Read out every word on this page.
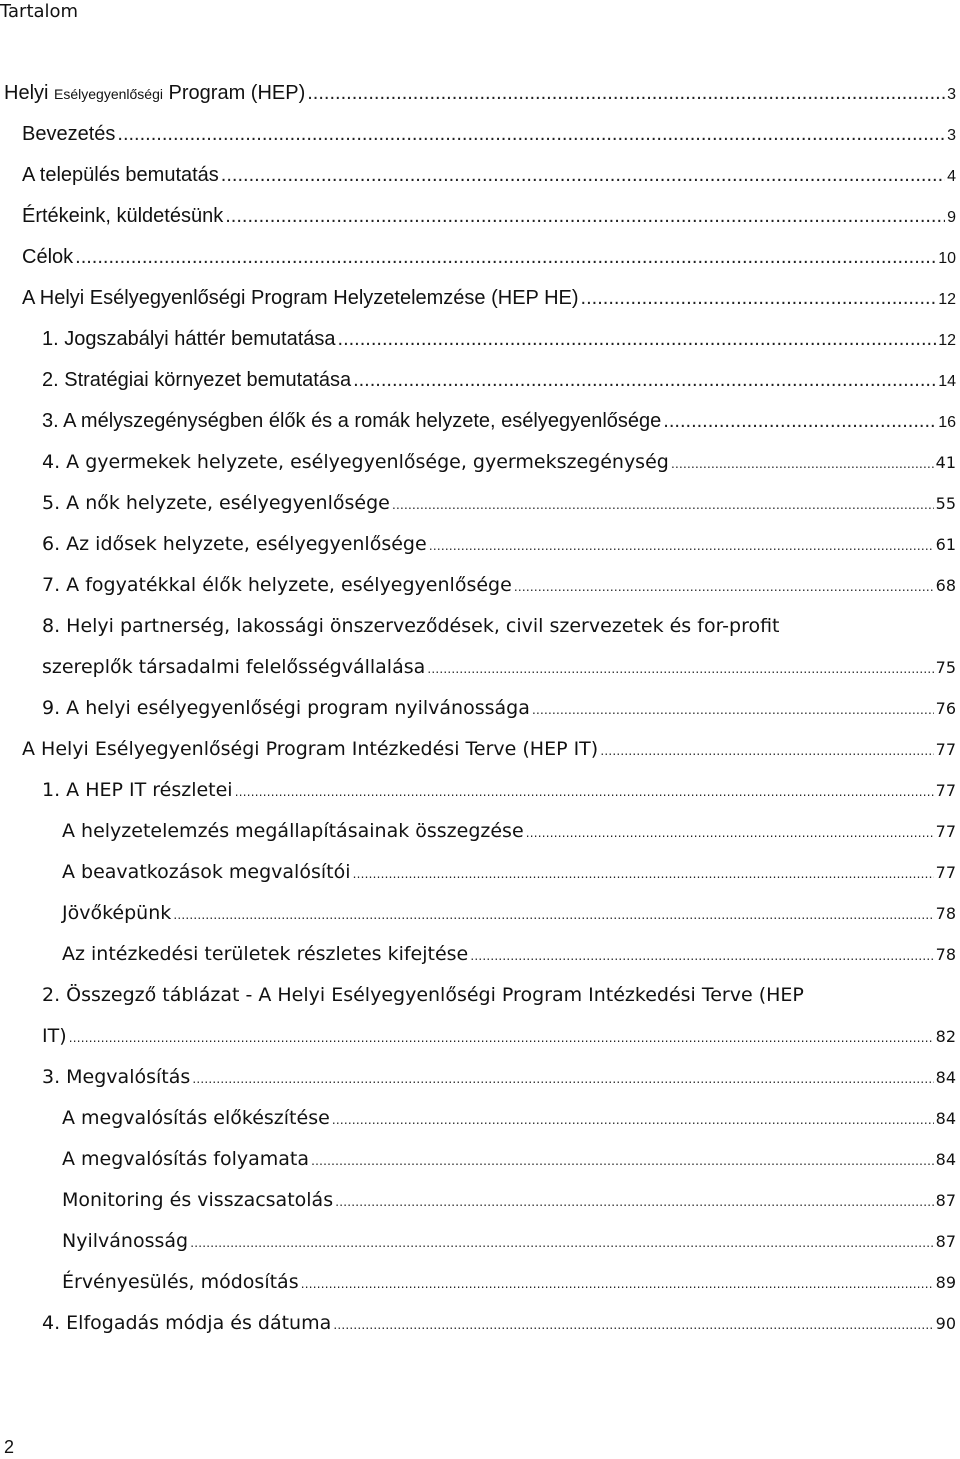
Tartalom
Helyi Esélyegyenlőségi Program (HEP) .....	3
Bevezetés .....	3
A település bemutatás .....	4
Értékeink, küldetésünk .....	9
Célok .....	10
A Helyi Esélyegyenlőségi Program Helyzetelemzése (HEP HE) .....	12
1. Jogszabályi háttér bemutatása .....	12
2. Stratégiai környezet bemutatása .....	14
3. A mélyszegénységben élők és a romák helyzete, esélyegyenlősége .....	16
4. A gyermekek helyzete, esélyegyenlősége, gyermekszegénység ………………………………………………………………………………………………………………………………………………………………………………………………………………	41
5. A nők helyzete, esélyegyenlősége ………………………………………………………………………………………………………………………………………………………………………………………………………………	55
6. Az idősek helyzete, esélyegyenlősége ………………………………………………………………………………………………………………………………………………………………………………………………………………	61
7. A fogyatékkal élők helyzete, esélyegyenlősége ………………………………………………………………………………………………………………………………………………………………………………………………………………	68
8. Helyi partnerség, lakossági önszerveződések, civil szervezetek és for-profit
szereplők társadalmi felelősségvállalása ………………………………………………………………………………………………………………………………………………………………………………………………………………	75
9. A helyi esélyegyenlőségi program nyilvánossága ………………………………………………………………………………………………………………………………………………………………………………………………………………	76
A Helyi Esélyegyenlőségi Program Intézkedési Terve (HEP IT) ………………………………………………………………………………………………………………………………………………………………………………………………………………	77
1. A HEP IT részletei ………………………………………………………………………………………………………………………………………………………………………………………………………………	77
A helyzetelemzés megállapításainak összegzése ………………………………………………………………………………………………………………………………………………………………………………………………………………	77
A beavatkozások megvalósítói ………………………………………………………………………………………………………………………………………………………………………………………………………………	77
Jövőképünk ………………………………………………………………………………………………………………………………………………………………………………………………………………	78
Az intézkedési területek részletes kifejtése ………………………………………………………………………………………………………………………………………………………………………………………………………………	78
2. Összegző táblázat - A Helyi Esélyegyenlőségi Program Intézkedési Terve (HEP
IT) ………………………………………………………………………………………………………………………………………………………………………………………………………………	82
3. Megvalósítás ………………………………………………………………………………………………………………………………………………………………………………………………………………	84
A megvalósítás előkészítése ………………………………………………………………………………………………………………………………………………………………………………………………………………	84
A megvalósítás folyamata ………………………………………………………………………………………………………………………………………………………………………………………………………………	84
Monitoring és visszacsatolás ………………………………………………………………………………………………………………………………………………………………………………………………………………	87
Nyilvánosság ………………………………………………………………………………………………………………………………………………………………………………………………………………	87
Érvényesülés, módosítás ………………………………………………………………………………………………………………………………………………………………………………………………………………	89
4. Elfogadás módja és dátuma ………………………………………………………………………………………………………………………………………………………………………………………………………………	90
2
